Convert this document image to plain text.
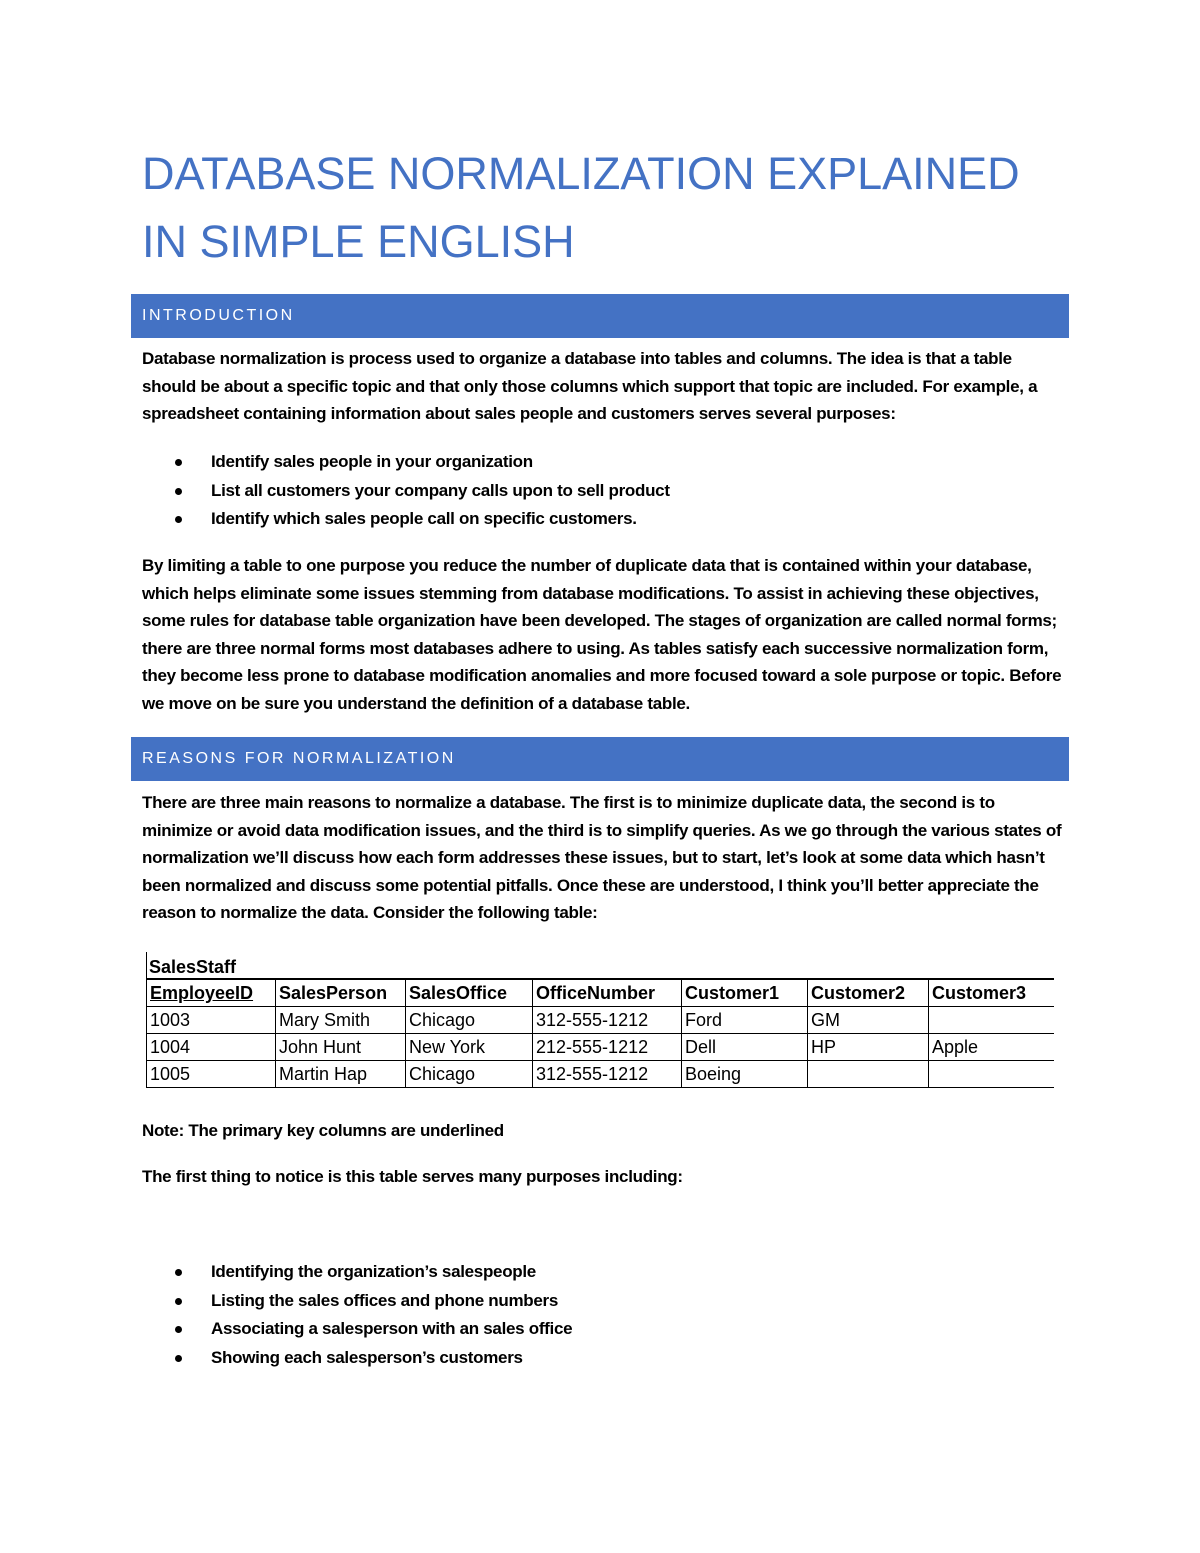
DATABASE NORMALIZATION EXPLAINED IN SIMPLE ENGLISH
INTRODUCTION

Database normalization is process used to organize a database into tables and columns. The idea is that a table should be about a specific topic and that only those columns which support that topic are included. For example, a spreadsheet containing information about sales people and customers serves several purposes:

Identify sales people in your organization
List all customers your company calls upon to sell product
Identify which sales people call on specific customers.

By limiting a table to one purpose you reduce the number of duplicate data that is contained within your database, which helps eliminate some issues stemming from database modifications. To assist in achieving these objectives, some rules for database table organization have been developed. The stages of organization are called normal forms; there are three normal forms most databases adhere to using. As tables satisfy each successive normalization form, they become less prone to database modification anomalies and more focused toward a sole purpose or topic. Before we move on be sure you understand the definition of a database table.

REASONS FOR NORMALIZATION

There are three main reasons to normalize a database. The first is to minimize duplicate data, the second is to minimize or avoid data modification issues, and the third is to simplify queries. As we go through the various states of normalization we’ll discuss how each form addresses these issues, but to start, let’s look at some data which hasn’t been normalized and discuss some potential pitfalls. Once these are understood, I think you’ll better appreciate the reason to normalize the data. Consider the following table:

SalesStaff
EmployeeID	SalesPerson	SalesOffice	OfficeNumber	Customer1	Customer2	Customer3
1003	Mary Smith	Chicago	312-555-1212	Ford	GM	
1004	John Hunt	New York	212-555-1212	Dell	HP	Apple
1005	Martin Hap	Chicago	312-555-1212	Boeing		

Note: The primary key columns are underlined

The first thing to notice is this table serves many purposes including:

Identifying the organization’s salespeople
Listing the sales offices and phone numbers
Associating a salesperson with an sales office
Showing each salesperson’s customers
